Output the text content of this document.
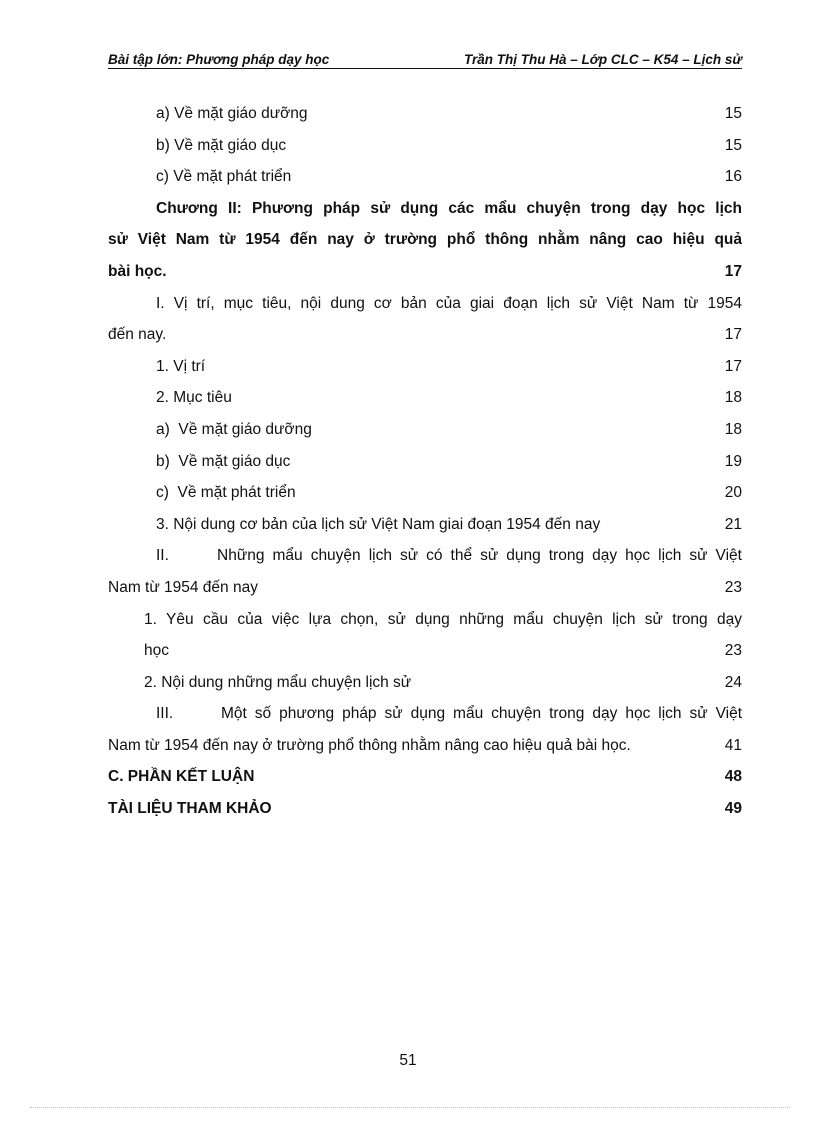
Bài tập lớn: Phương pháp dạy học	Trần Thị Thu Hà – Lớp CLC – K54 – Lịch sử
a) Về mặt giáo dưỡng	15
b) Về mặt giáo dục	15
c) Về mặt phát triển	16
Chương II: Phương pháp sử dụng các mẩu chuyện trong dạy học lịch
sử Việt Nam từ 1954 đến nay ở trường phổ thông nhằm nâng cao hiệu quả
bài học.	17
I. Vị trí, mục tiêu, nội dung cơ bản của giai đoạn lịch sử Việt Nam từ 1954
đến nay.	17
1. Vị trí	17
2. Mục tiêu	18
a)  Về mặt giáo dưỡng	18
b)  Về mặt giáo dục	19
c)  Về mặt phát triển	20
3. Nội dung cơ bản của lịch sử Việt Nam giai đoạn 1954 đến nay	21
II.      Những mẩu chuyện lịch sử có thể sử dụng trong dạy học lịch sử Việt
Nam từ 1954 đến nay	23
1. Yêu cầu của việc lựa chọn, sử dụng những mẩu chuyện lịch sử trong dạy
học	23
2. Nội dung những mẩu chuyện lịch sử	24
III.      Một số phương pháp sử dụng mẩu chuyện trong dạy học lịch sử Việt
Nam từ 1954 đến nay ở trường phổ thông nhằm nâng cao hiệu quả bài học.	41
C. PHẦN KẾT LUẬN	48
TÀI LIỆU THAM KHẢO	49
51
